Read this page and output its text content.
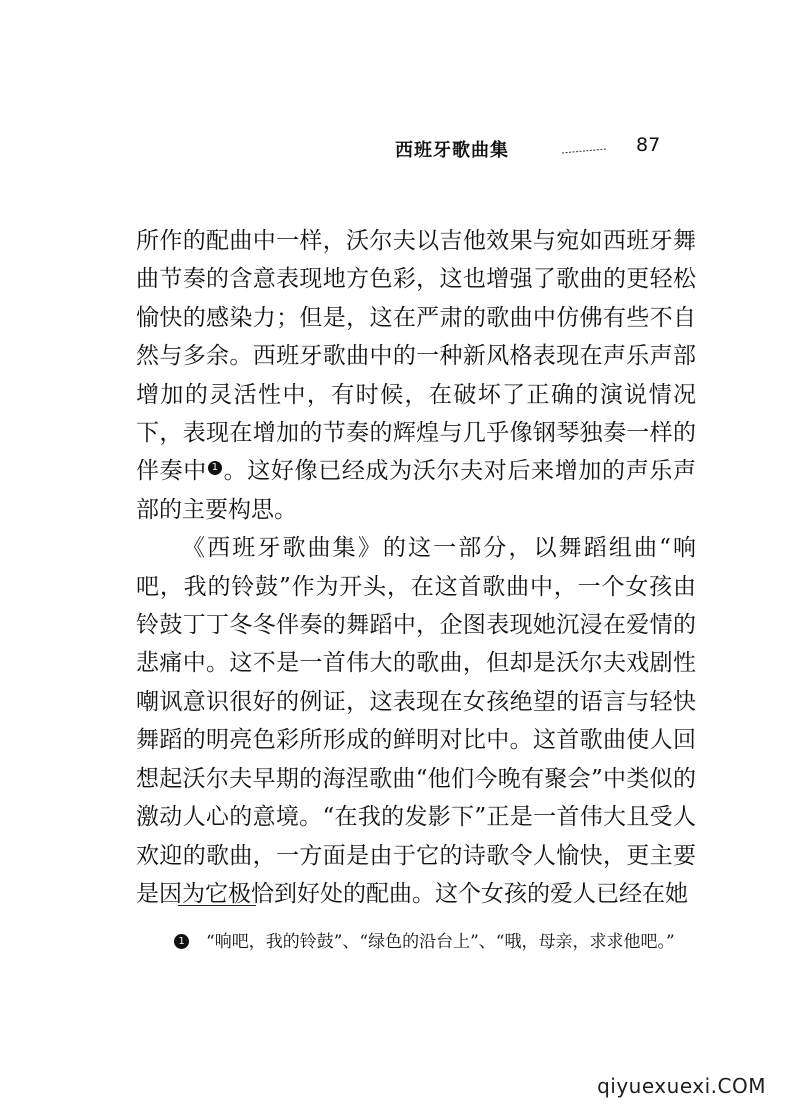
西班牙歌曲集	87

所作的配曲中一样，沃尔夫以吉他效果与宛如西班牙舞曲节奏的含意表现地方色彩，这也增强了歌曲的更轻松愉快的感染力；但是，这在严肃的歌曲中仿佛有些不自然与多余。西班牙歌曲中的一种新风格表现在声乐声部增加的灵活性中，有时候，在破坏了正确的演说情况下，表现在增加的节奏的辉煌与几乎像钢琴独奏一样的伴奏中 1 。这好像已经成为沃尔夫对后来增加的声乐声部的主要构思。

《西班牙歌曲集》的这一部分，以舞蹈组曲“响吧，我的铃鼓”作为开头，在这首歌曲中，一个女孩由铃鼓丁丁冬冬伴奏的舞蹈中，企图表现她沉浸在爱情的悲痛中。这不是一首伟大的歌曲，但却是沃尔夫戏剧性嘲讽意识很好的例证，这表现在女孩绝望的语言与轻快舞蹈的明亮色彩所形成的鲜明对比中。这首歌曲使人回想起沃尔夫早期的海涅歌曲“他们今晚有聚会”中类似的激动人心的意境。“在我的发影下”正是一首伟大且受人欢迎的歌曲，一方面是由于它的诗歌令人愉快，更主要是因为它极恰到好处的配曲。这个女孩的爱人已经在她

1	“响吧，我的铃鼓”、“绿色的沿台上”、“哦，母亲，求求他吧。”
qiyuexuexi.COM
